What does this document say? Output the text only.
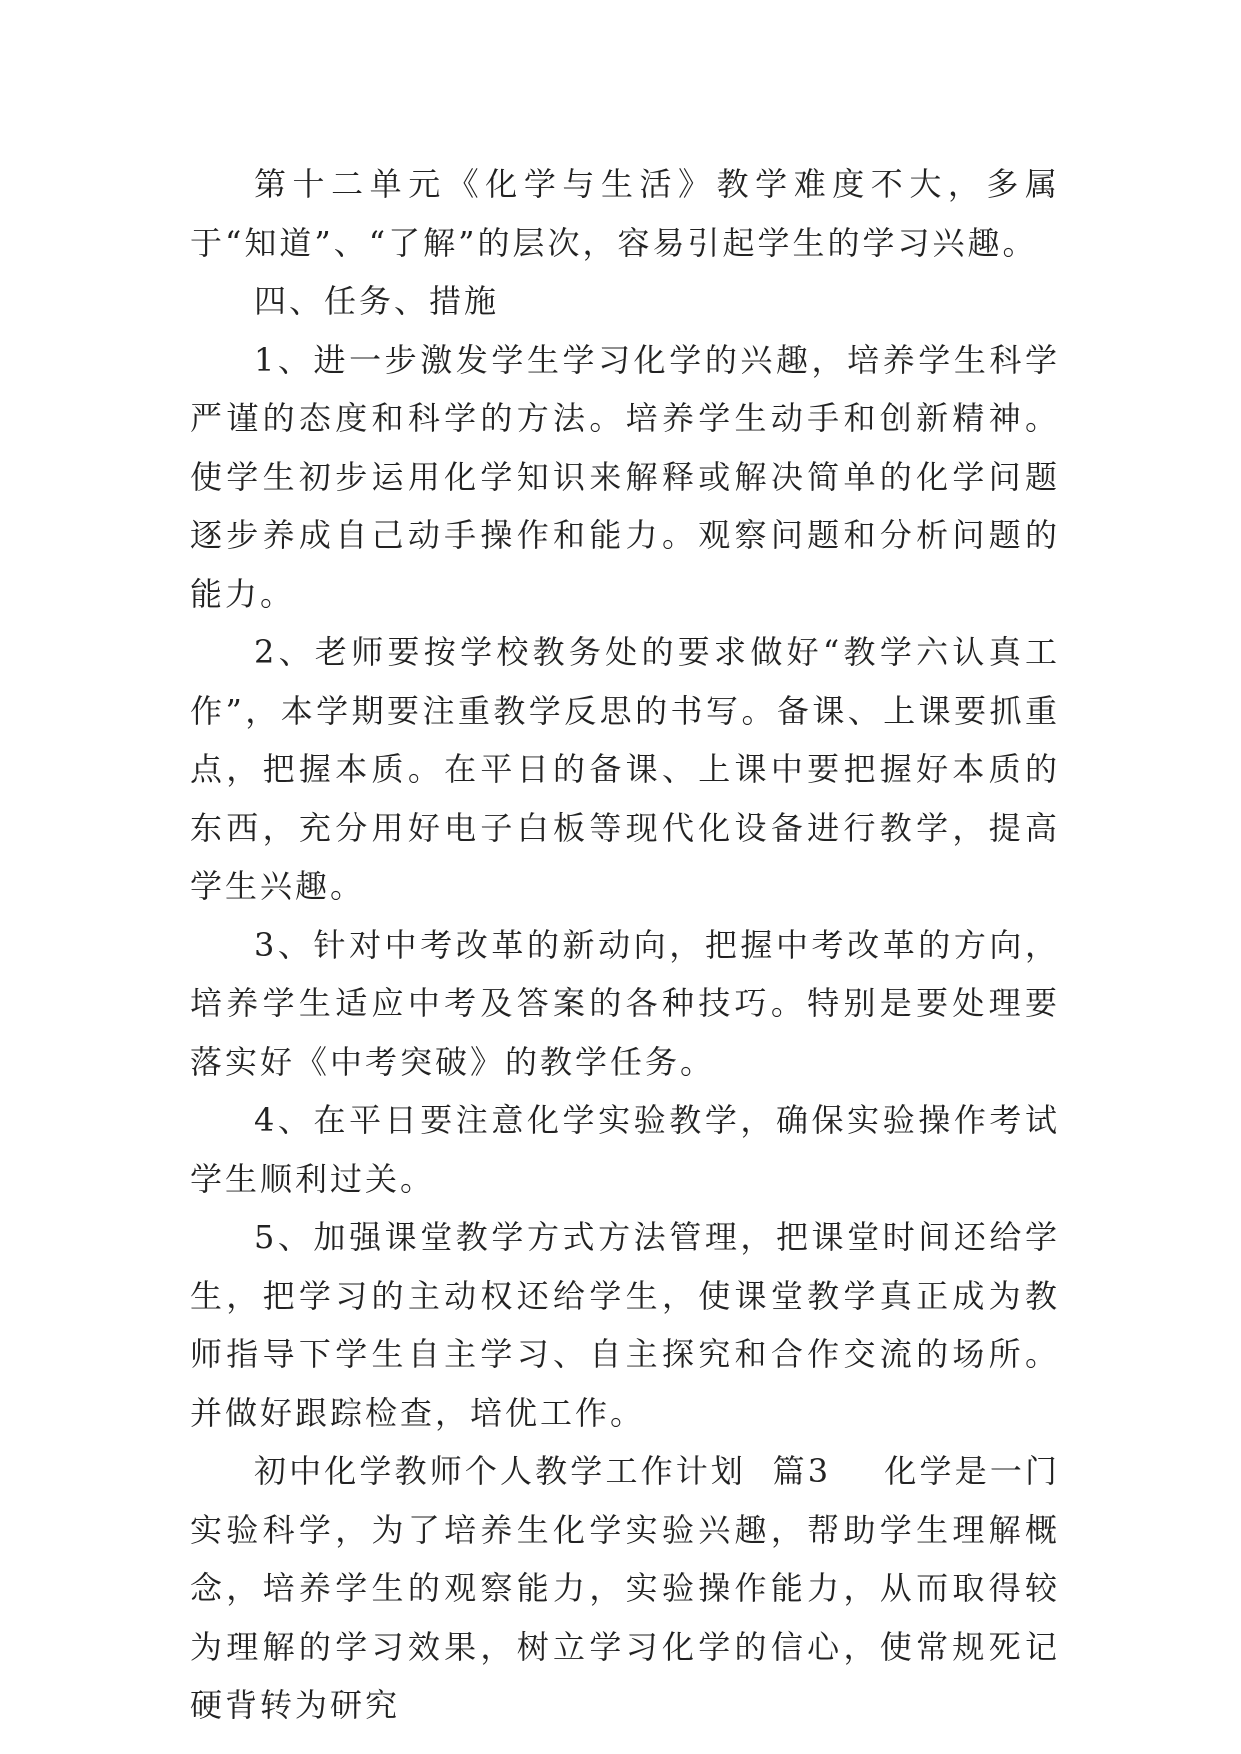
第十二单元《化学与生活》教学难度不大，多属于“知道”、“了解”的层次，容易引起学生的学习兴趣。

四、任务、措施

1、进一步激发学生学习化学的兴趣，培养学生科学严谨的态度和科学的方法。培养学生动手和创新精神。使学生初步运用化学知识来解释或解决简单的化学问题逐步养成自己动手操作和能力。观察问题和分析问题的能力。

2、老师要按学校教务处的要求做好“教学六认真工作”，本学期要注重教学反思的书写。备课、上课要抓重点，把握本质。在平日的备课、上课中要把握好本质的东西，充分用好电子白板等现代化设备进行教学，提高学生兴趣。

3、针对中考改革的新动向，把握中考改革的方向，培养学生适应中考及答案的各种技巧。特别是要处理要落实好《中考突破》的教学任务。

4、在平日要注意化学实验教学，确保实验操作考试学生顺利过关。

5、加强课堂教学方式方法管理，把课堂时间还给学生，把学习的主动权还给学生，使课堂教学真正成为教师指导下学生自主学习、自主探究和合作交流的场所。并做好跟踪检查，培优工作。

初中化学教师个人教学工作计划  篇3    化学是一门实验科学，为了培养生化学实验兴趣，帮助学生理解概念，培养学生的观察能力，实验操作能力，从而取得较为理解的学习效果，树立学习化学的信心，使常规死记硬背转为研究
